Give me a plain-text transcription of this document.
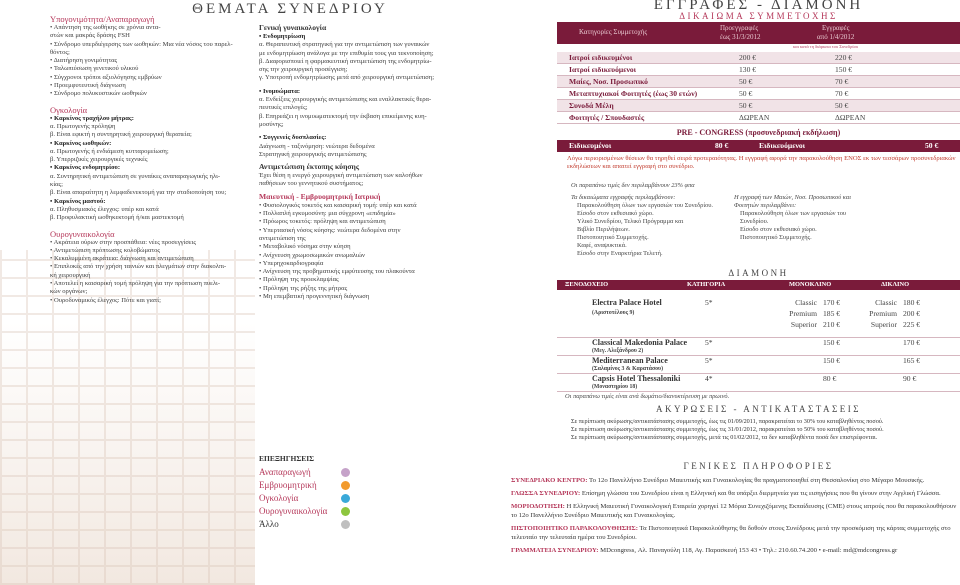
Υπογονιμότητα/Αναπαραγωγή
• Απάντηση της ωοθήκης σε χρόνια αντα-
στών και μακράς δράσης FSH
• Σύνδρομο υπερδιέγερσης των ωοθηκών: Μια νέα νόσος του παρελ-
θόντος;
• Διατήρηση γονιμότητας
• Ταλωπιύσωση γενετικού υλικού
• Σύγχρονοι τρόποι αξιολόγησης εμβρύων
• Προεμφυτευτική διάγνωση
• Σύνδρομο πολυκυστικών ωοθηκών
Ογκολογία
• Καρκίνος τραχήλου μήτρας:
α. Πρωτογενής πρόληψη
β. Είναι εφικτή η συντηρητική χειρουργική θεραπεία;
• Καρκίνος ωοθηκών:
α. Πρωτογενής ή ενδιάμεση κυτταρομείωση;
β. Υπερριζικές χειρουργικές τεχνικές
• Καρκίνος ενδομητρίου:
α. Συντηρητική αντιμετώπιση σε γυναίκες αναπαραγωγικής ηλι-
κίας;
β. Είναι απαραίτητη η λεμφαδενεκτομή για την σταδιοποίηση του;
• Καρκίνος μαστού:
α. Πληθυσμιακός έλεγχος: υπέρ και κατά
β. Προφυλακτική ωοθηκεκτομή ή/και μαστεκτομή
Ουρογυναικολογία
• Ακράτεια ούρων στην προσπάθεια: νέες προσεγγίσεις
• Αντιμετώπιση πρόπτωσης κολοβώματος
• Κεκαλυμμένη ακράτεια: διάγνωση και αντιμετώπιση
• Επιπλοκές από την χρήση ταινιών και πλεγμάτων στην διακολπι-
κή χειρουργική
• Αποτελεί η καισαρική τομή πρόληψη για την πρόπτωση πυελι-
κών οργάνων;
• Ουροδυναμικός έλεγχος: Πότε και γιατί;
ΘΕΜΑΤΑ ΣΥΝΕΔΡΙΟΥ
Γενική γυναικολογία
• Ενδομητρίωση
α. Θεραπευτική στρατηγική για την αντιμετώπιση των γυναικών
με ενδομητρίωση ανάλογα με την επιθυμία τους για τεκνοποίηση;
β. Διαφορισποιεί η φαρμακευτική αντιμετώπιση της ενδομητρίω-
σης την χειρουργική προσέγγιση;
γ. Υποτροπή ενδομητρίωσης μετά από χειρουργική αντιμετώπιση;
• Ινομυώματα:
α. Ενδείξεις χειρουργικής αντιμετώπισης και εναλλακτικές θερα-
πευτικές επιλογές;
β. Επηρεάζει η ινομυωματεκτομή την έκβαση επικείμενης κυη-
μοσύνης;
• Συγγενείς δυσπλασίες:
Διάγνωση - ταξινόμηση: νεώτερα δεδομένα
Στρατηγική χειρουργικής αντιμετώπισης
Αντιμετώπιση έκτοπης κύησης
Έχει θέση η ενεργό χειρουργική αντιμετώπιση των καλοήθων
παθήσεων του γεννητικού συστήματος;
Μαιευτική - Εμβρυομητρική Ιατρική
• Φυσιολογικός τοκετός και καισαρική τομή: υπέρ και κατά
• Πολλαπλή εγκυμοσύνη: μια σύγχρονη «επιδημία»
• Πρόωρος τοκετός: πρόληψη και αντιμετώπιση
• Υπερτασική νόσος κύησης: νεώτερα δεδομένα στην
αντιμετώπιση της
• Μεταβολικό νόσημα στην κύηση
• Ανίχνευση χρωμοσωμικών ανωμαλιών
• Υπερηχοκαρδιογραφία
• Ανίχνευση της προβηματικής εμφύτευσης του πλακούντα
• Πρόληψη της προεκλαμψίας
• Πρόληψη της ρήξης της μήτρας
• Μη επεμβατική προγεννητική διάγνωση
ΕΠΕΞΗΓΗΣΕΙΣ
Αναπαραγωγή
Εμβρυομητρική
Ογκολογία
Ουρογυναικολογία
Άλλο
ΕΓΓΡΑΦΕΣ - ΔΙΑΜΟΝΗ
ΔΙΚΑΙΩΜΑ ΣΥΜΜΕΤΟΧΗΣ
Κατηγορίες Συμμετοχής	Προεγγραφές
έως 31/3/2012
Εγγραφές
από 1/4/2012
και κατά τη διάρκεια του Συνεδρίου
Ιατροί ειδικευμένοι	200 €	220 €
Ιατροί ειδικευόμενοι	130 €	150 €
Μαίες, Νοσ. Προσωπικό	50 €	70 €
Μεταπτυχιακοί Φοιτητές (έως 30 ετών)	50 €	70 €
Συνοδά Μέλη	50 €	50 €
Φοιτητές / Σπουδαστές	ΔΩΡΕΑΝ	ΔΩΡΕΑΝ
PRE - CONGRESS (προσυνεδριακή εκδήλωση)
Ειδικευμένοι	80 €	Ειδικευόμενοι	50 €
Λόγω περιορισμένων θέσεων θα τηρηθεί σειρά προτεραιότητας. Η εγγραφή αφορά την παρακολούθηση ΕΝΟΣ εκ των τεσσάρων προσυνεδριακών εκδηλώσεων και απαιτεί εγγραφή στο συνέδριο.
Οι παραπάνω τιμές δεν περιλαμβάνουν 23% φπα
Τα δικαιώματα εγγραφής περιλαμβάνουν:
Παρακολούθηση όλων των εργασιών του Συνεδρίου.
Είσοδο στον εκθεσιακό χώρο.
Υλικό Συνεδρίου, Τελικό Πρόγραμμα και
Βιβλίο Περιλήψεων.
Πιστοποιητικό Συμμετοχής.
Καφέ, αναψυκτικά.
Είσοδο στην Εναρκτήρια Τελετή.
Η εγγραφή των Μαιών, Νοσ. Προσωπικού και Φοιτητών περιλαμβάνει:
Παρακολούθηση όλων των εργασιών του Συνεδρίου.
Είσοδο στον εκθεσιακό χώρο.
Πιστοποιητικό Συμμετοχής.
ΔΙΑΜΟΝΗ
ΞΕΝΟΔΟΧΕΙΟ	ΚΑΤΗΓΟΡΙΑ	ΜΟΝΟΚΛΙΝΟ	ΔΙΚΛΙΝΟ
Electra Palace Hotel
(Αριστοτέλους 9)
5*	Classic 170 €	Classic 180 €
Premium 185 €	Premium 200 €
Superior 210 €	Superior 225 €
Classical Makedonia Palace
(Μεγ. Αλεξάνδρου 2)
5*	150 €	170 €
Mediterranean Palace
(Σαλαμίνος 3 & Καρατάσου)
5*	150 €	165 €
Capsis Hotel Thessaloniki
(Μοναστηρίου 18)
4*	80 €	90 €
Οι παραπάνω τιμές είναι ανά δωμάτιο/διανυκτέρευση με πρωινό.
ΑΚΥΡΩΣΕΙΣ - ΑΝΤΙΚΑΤΑΣΤΑΣΕΙΣ
Σε περίπτωση ακύρωσης/αντικατάστασης συμμετοχής, έως τις 01/09/2011, παρακρατείται το 30% του καταβληθέντος ποσού.
Σε περίπτωση ακύρωσης/αντικατάστασης συμμετοχής, έως τις 31/01/2012, παρακρατείται το 50% του καταβληθέντος ποσού.
Σε περίπτωση ακύρωσης/αντικατάστασης συμμετοχής, μετά τις 01/02/2012, τα δεν καταβληθέντα ποσά δεν επιστρέφονται.
ΓΕΝΙΚΕΣ ΠΛΗΡΟΦΟΡΙΕΣ
ΣΥΝΕΔΡΙΑΚΟ ΚΕΝΤΡΟ: Το 12ο Πανελλήνιο Συνέδριο Μαιευτικής και Γυναικολογίας θα πραγματοποιηθεί στη Θεσσαλονίκη στο Μέγαρο Μουσικής.
ΓΛΩΣΣΑ ΣΥΝΕΔΡΙΟΥ: Επίσημη γλώσσα του Συνεδρίου είναι η Ελληνική και θα υπάρξει διερμηνεία για τις εισηγήσεις που θα γίνουν στην Αγγλική Γλώσσα.
ΜΟΡΙΟΔΟΤΗΣΗ: Η Ελληνική Μαιευτική Γυναικολογική Εταιρεία χορηγεί 12 Μόρια Συνεχιζόμενης Εκπαίδευσης (CME) στους ιατρούς που θα παρακολουθήσουν το 12ο Πανελλήνιο Συνέδριο Μαιευτικής και Γυναικολογίας.
ΠΙΣΤΟΠΟΙΗΤΙΚΟ ΠΑΡΑΚΟΛΟΥΘΗΣΗΣ: Τα Πιστοποιητικά Παρακολούθησης θα δοθούν στους Συνέδρους μετά την προσκόμιση της κάρτας συμμετοχής στο τελευταίο την τελευταία ημέρα του Συνεδρίου.
ΓΡΑΜΜΑΤΕΙΑ ΣΥΝΕΔΡΙΟΥ: MDcongress, Αλ. Παναγούλη 118, Αγ. Παρασκευή 153 43 • Τηλ.: 210.60.74.200 • e-mail: md@mdcongress.gr
